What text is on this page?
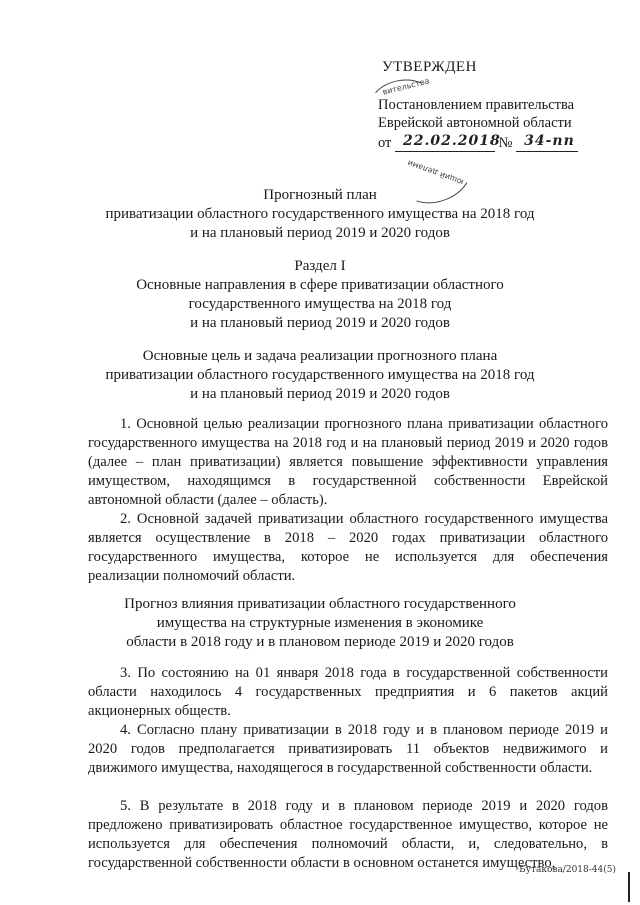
УТВЕРЖДЕН
Постановлением правительства
Еврейской автономной области
от 22.02.2018
№ 34-пп
вительства
ющий делами
Прогнозный план
приватизации областного государственного имущества на 2018 год
и на плановый период 2019 и 2020 годов
Раздел I
Основные направления в сфере приватизации областного
государственного имущества на 2018 год
и на плановый период 2019 и 2020 годов
Основные цель и задача реализации прогнозного плана
приватизации областного государственного имущества на 2018 год
и на плановый период 2019 и 2020 годов
1. Основной целью реализации прогнозного плана приватизации областного государственного имущества на 2018 год и на плановый период 2019 и 2020 годов (далее – план приватизации) является повышение эффективности управления имуществом, находящимся в государственной собственности Еврейской автономной области (далее – область).
2. Основной задачей приватизации областного государственного имущества является осуществление в 2018 – 2020 годах приватизации областного государственного имущества, которое не используется для обеспечения реализации полномочий области.
Прогноз влияния приватизации областного государственного
имущества на структурные изменения в экономике
области в 2018 году и в плановом периоде 2019 и 2020 годов
3. По состоянию на 01 января 2018 года в государственной собственности области находилось 4 государственных предприятия и 6 пакетов акций акционерных обществ.
4. Согласно плану приватизации в 2018 году и в плановом периоде 2019 и 2020 годов предполагается приватизировать 11 объектов недвижимого и движимого имущества, находящегося в государственной собственности области.
5. В результате в 2018 году и в плановом периоде 2019 и 2020 годов предложено приватизировать областное государственное имущество, которое не используется для обеспечения полномочий области, и, следовательно, в государственной собственности области в основном останется имущество,
Бутакова/2018-44(5)
